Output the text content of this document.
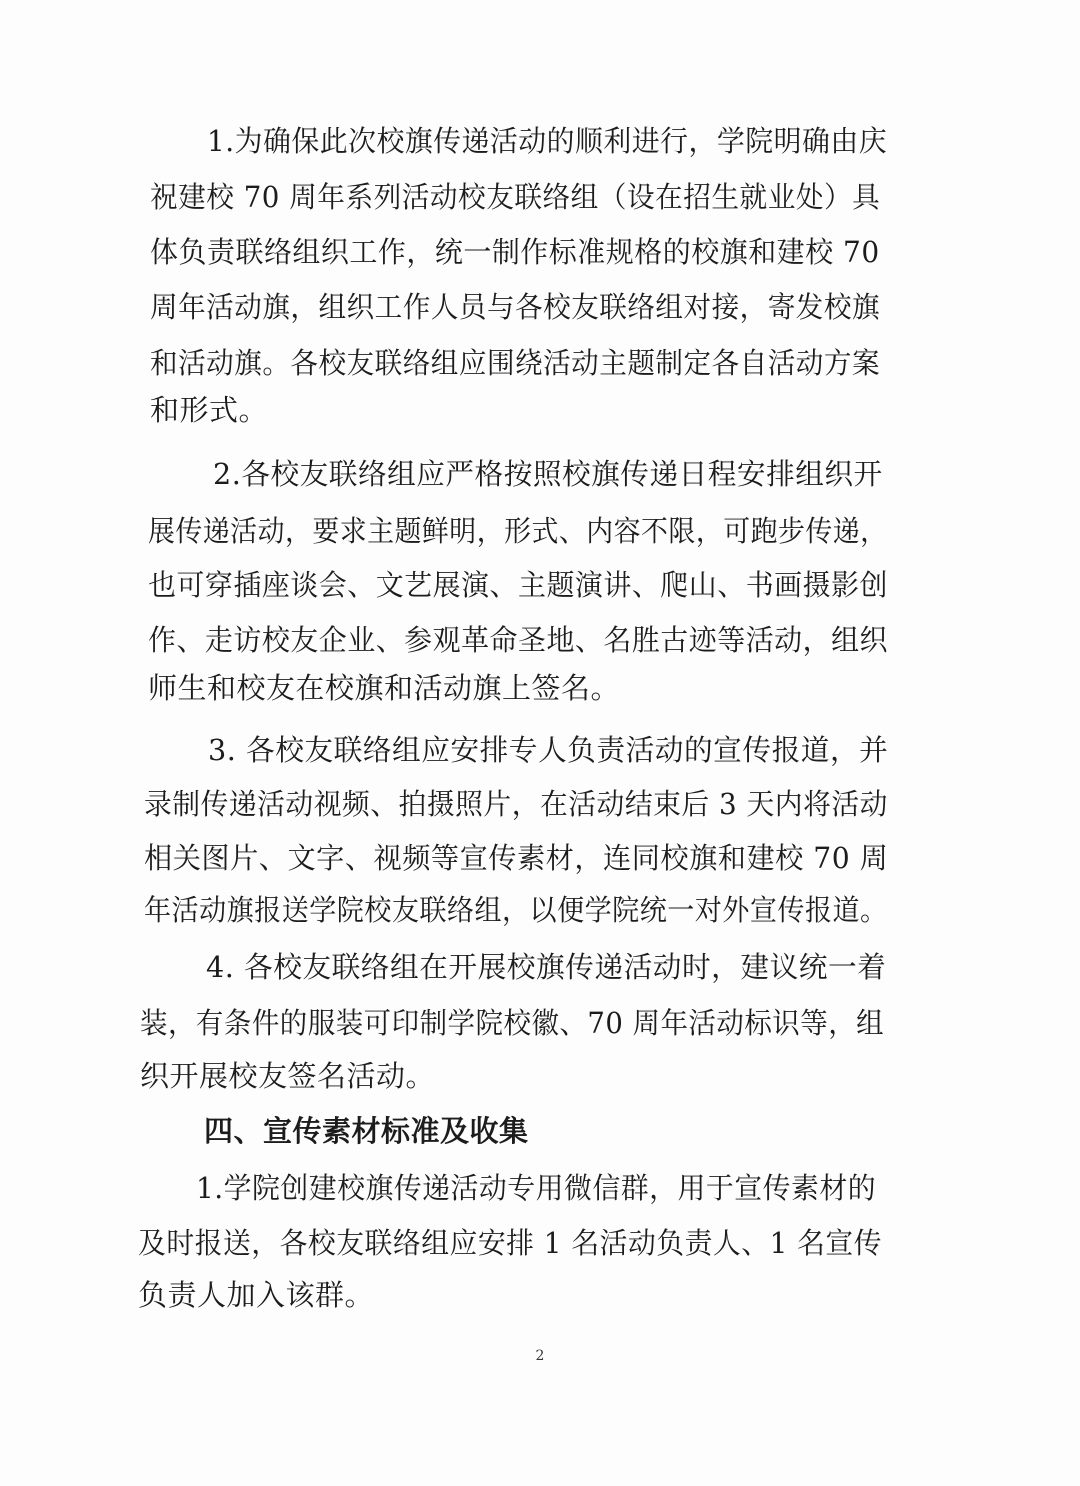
1.为确保此次校旗传递活动的顺利进行，学院明确由庆

祝建校 70 周年系列活动校友联络组（设在招生就业处）具

体负责联络组织工作，统一制作标准规格的校旗和建校 70

周年活动旗，组织工作人员与各校友联络组对接，寄发校旗

和活动旗。各校友联络组应围绕活动主题制定各自活动方案

和形式。

2.各校友联络组应严格按照校旗传递日程安排组织开

展传递活动，要求主题鲜明，形式、内容不限，可跑步传递，

也可穿插座谈会、文艺展演、主题演讲、爬山、书画摄影创

作、走访校友企业、参观革命圣地、名胜古迹等活动，组织

师生和校友在校旗和活动旗上签名。

3. 各校友联络组应安排专人负责活动的宣传报道，并

录制传递活动视频、拍摄照片，在活动结束后 3 天内将活动

相关图片、文字、视频等宣传素材，连同校旗和建校 70 周

年活动旗报送学院校友联络组，以便学院统一对外宣传报道。

4. 各校友联络组在开展校旗传递活动时，建议统一着

装，有条件的服装可印制学院校徽、70 周年活动标识等，组

织开展校友签名活动。

四、宣传素材标准及收集

1.学院创建校旗传递活动专用微信群，用于宣传素材的

及时报送，各校友联络组应安排 1 名活动负责人、1 名宣传

负责人加入该群。

2
